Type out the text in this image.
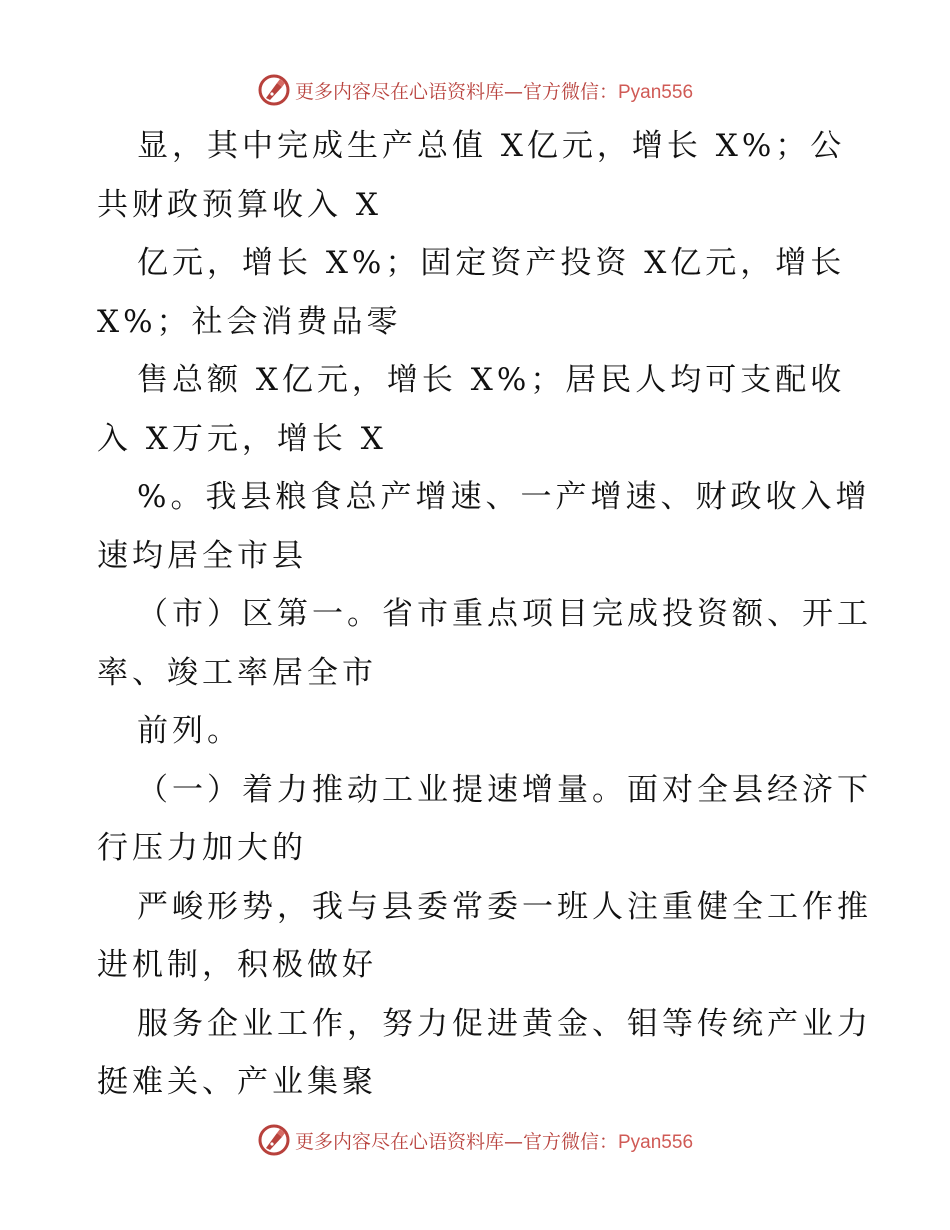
更多内容尽在心语资料库—官方微信：Pyan556
显，其中完成生产总值 X亿元，增长 X%；公
共财政预算收入 X
亿元，增长 X%；固定资产投资 X亿元，增长
X%；社会消费品零
售总额 X亿元，增长 X%；居民人均可支配收
入 X万元，增长 X
%。我县粮食总产增速、一产增速、财政收入增
速均居全市县
（市）区第一。省市重点项目完成投资额、开工
率、竣工率居全市
前列。
（一）着力推动工业提速增量。面对全县经济下
行压力加大的
严峻形势，我与县委常委一班人注重健全工作推
进机制，积极做好
服务企业工作，努力促进黄金、钼等传统产业力
挺难关、产业集聚
更多内容尽在心语资料库—官方微信：Pyan556
